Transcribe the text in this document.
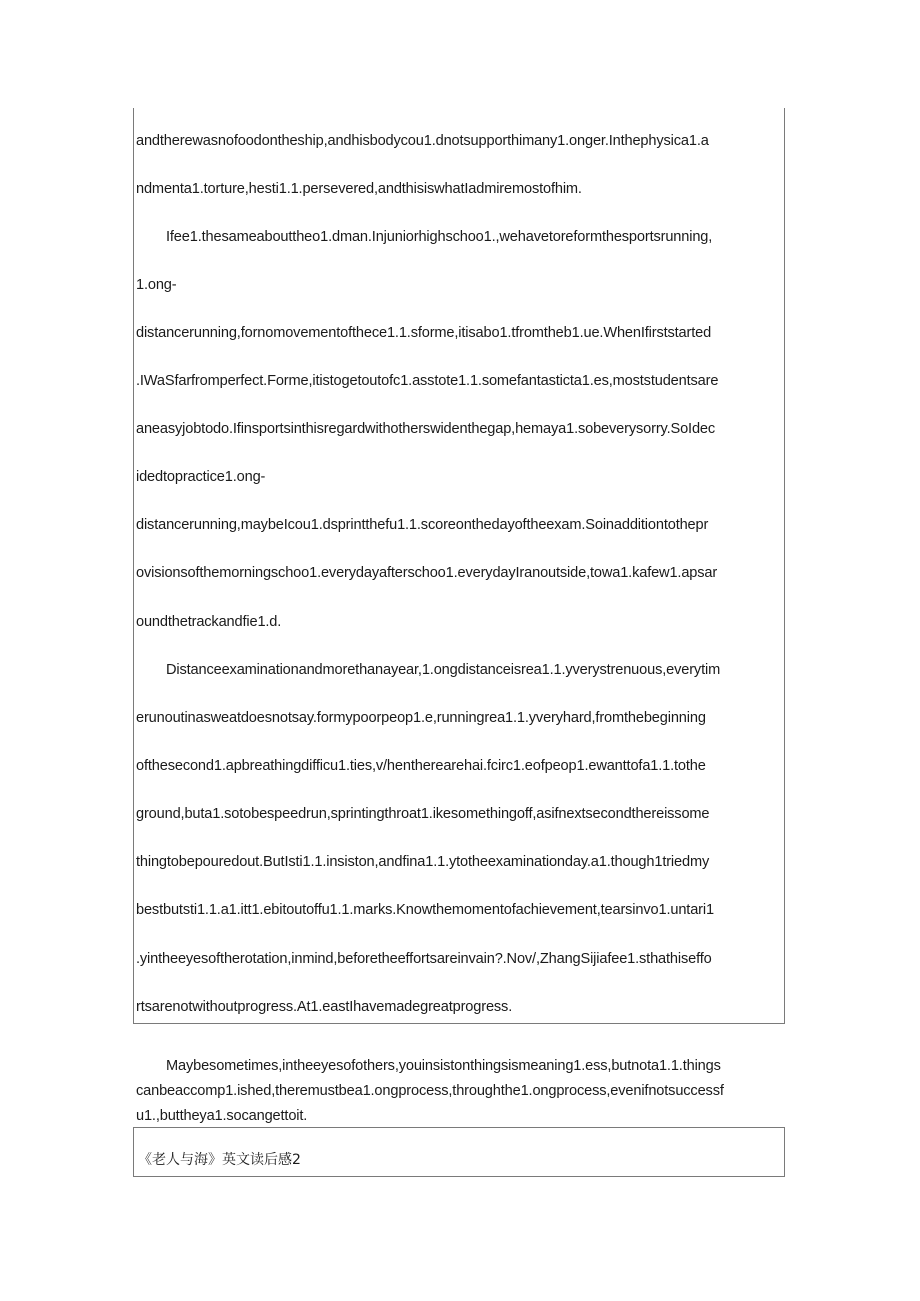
andtherewasnofoodontheship,andhisbodycou1.dnotsupporthimany1.onger.Inthephysica1.a
ndmenta1.torture,hesti1.1.persevered,andthisiswhatIadmiremostofhim.
Ifee1.thesameabouttheo1.dman.Injuniorhighschoo1.,wehavetoreformthesportsrunning,
1.ong-
distancerunning,fornomovementofthece1.1.sforme,itisabo1.tfromtheb1.ue.WhenIfirststarted
.IWaSfarfromperfect.Forme,itistogetoutofc1.asstote1.1.somefantasticta1.es,moststudentsare
aneasyjobtodo.Ifinsportsinthisregardwithotherswidenthegap,hemaya1.sobeverysorry.SoIdec
idedtopractice1.ong-
distancerunning,maybeIcou1.dsprintthefu1.1.scoreonthedayoftheexam.Soinadditiontothepr
ovisionsofthemorningschoo1.everydayafterschoo1.everydayIranoutside,towa1.kafew1.apsar
oundthetrackandfie1.d.
Distanceexaminationandmorethanayear,1.ongdistanceisrea1.1.yverystrenuous,everytim
erunoutinasweatdoesnotsay.formypoorpeop1.e,runningrea1.1.yveryhard,fromthebeginning
ofthesecond1.apbreathingdifficu1.ties,v/hentherearehai.fcirc1.eofpeop1.ewanttofa1.1.tothe
ground,buta1.sotobespeedrun,sprintingthroat1.ikesomethingoff,asifnextsecondthereissome
thingtobepouredout.ButIsti1.1.insiston,andfina1.1.ytotheexaminationday.a1.though1triedmy
bestbutsti1.1.a1.itt1.ebitoutoffu1.1.marks.Knowthemomentofachievement,tearsinvo1.untari1
.yintheeyesoftherotation,inmind,beforetheeffortsareinvain?.Nov/,ZhangSijiafee1.sthathiseffo
rtsarenotwithoutprogress.At1.eastIhavemadegreatprogress.
Maybesometimes,intheeyesofothers,youinsistonthingsismeaning1.ess,butnota1.1.things
canbeaccomp1.ished,theremustbea1.ongprocess,throughthe1.ongprocess,evenifnotsuccessf
u1.,buttheya1.socangettoit.
《老人与海》英文读后感2
